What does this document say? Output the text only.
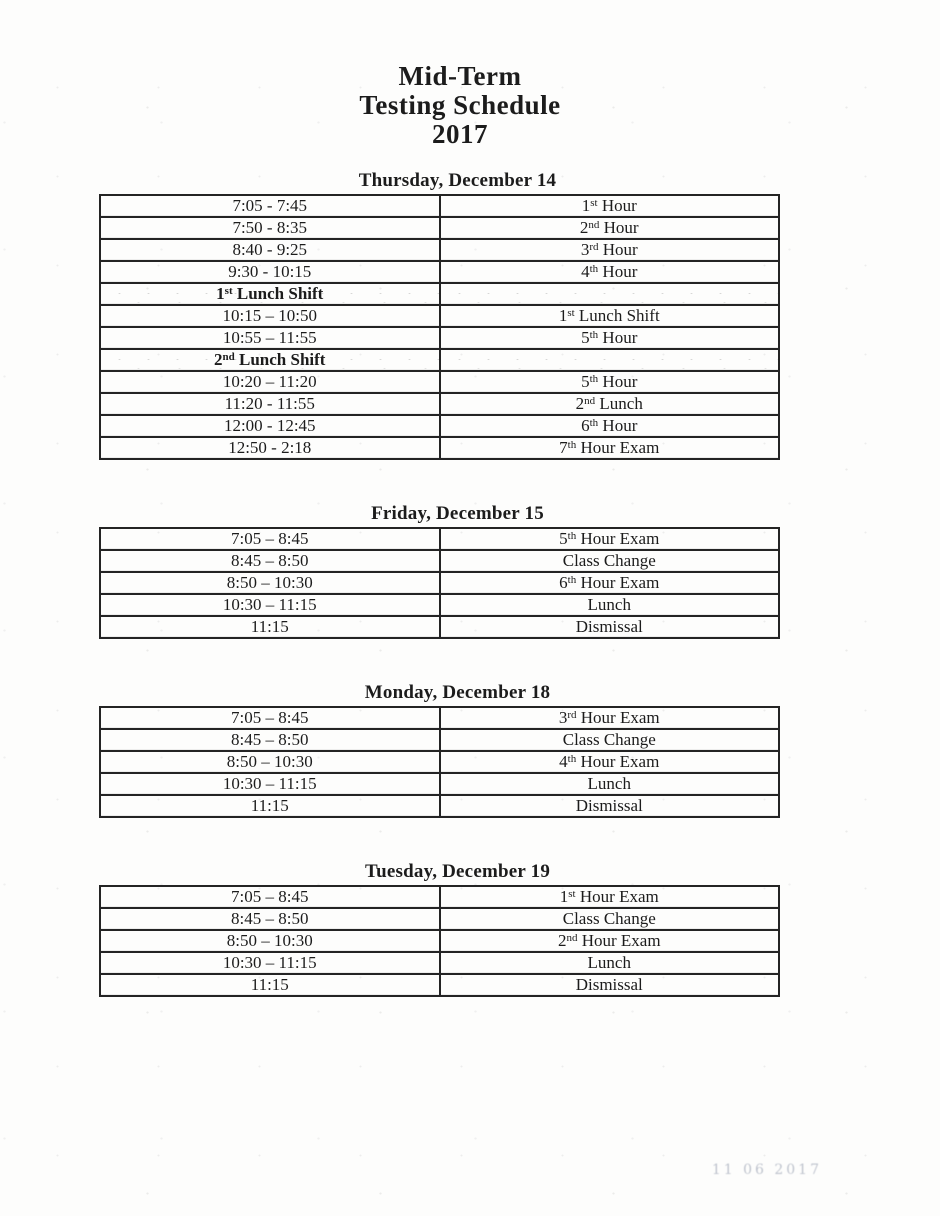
Mid-Term
Testing Schedule
2017
Thursday, December 14
7:05 - 7:45	1st Hour
7:50 - 8:35	2nd Hour
8:40 - 9:25	3rd Hour
9:30 - 10:15	4th Hour
1st Lunch Shift	
10:15 – 10:50	1st Lunch Shift
10:55 – 11:55	5th Hour
2nd Lunch Shift	
10:20 – 11:20	5th Hour
11:20 - 11:55	2nd Lunch
12:00 - 12:45	6th Hour
12:50 - 2:18	7th Hour Exam
Friday, December 15
7:05 – 8:45	5th Hour Exam
8:45 – 8:50	Class Change
8:50 – 10:30	6th Hour Exam
10:30 – 11:15	Lunch
11:15	Dismissal
Monday, December 18
7:05 – 8:45	3rd Hour Exam
8:45 – 8:50	Class Change
8:50 – 10:30	4th Hour Exam
10:30 – 11:15	Lunch
11:15	Dismissal
Tuesday, December 19
7:05 – 8:45	1st Hour Exam
8:45 – 8:50	Class Change
8:50 – 10:30	2nd Hour Exam
10:30 – 11:15	Lunch
11:15	Dismissal
11 06 2017
